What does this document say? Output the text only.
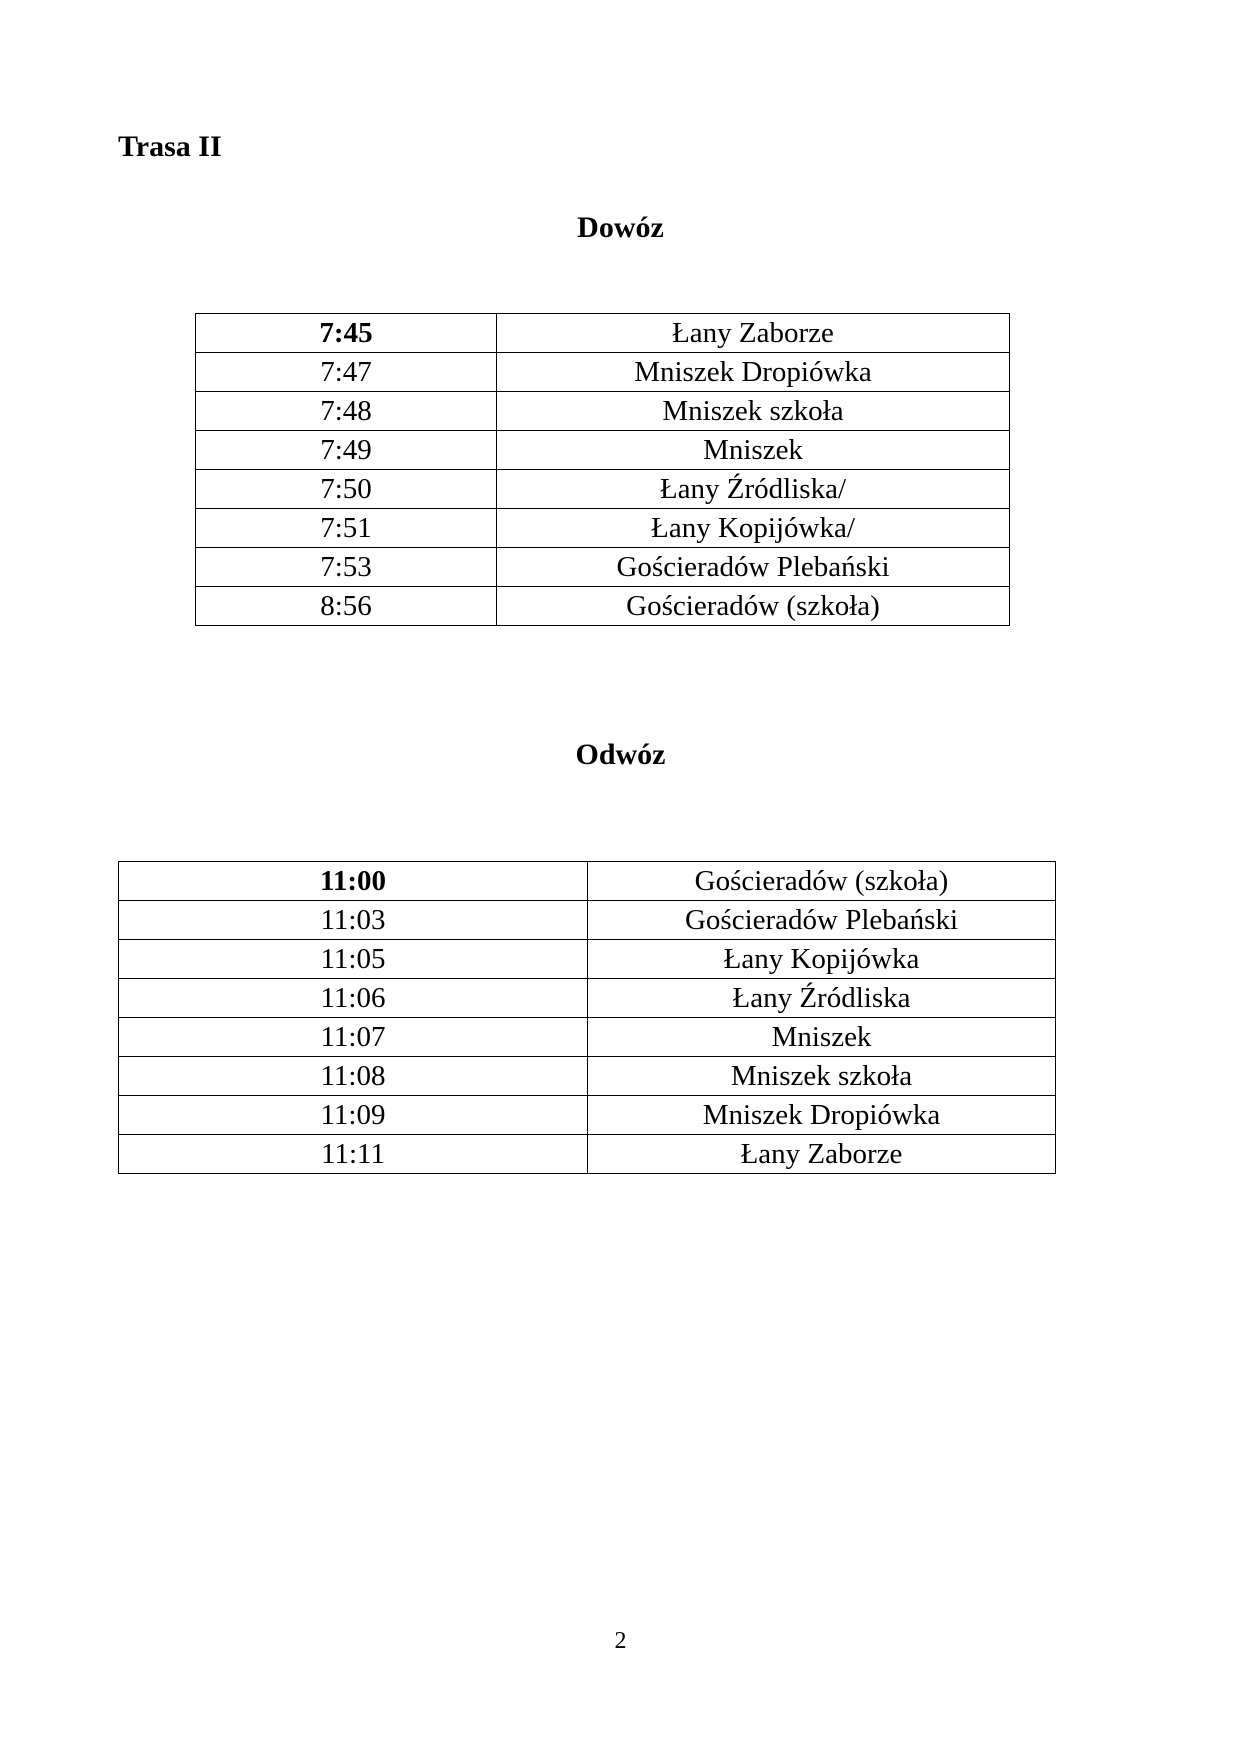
Trasa II
Dowóz
7:45	Łany Zaborze
7:47	Mniszek Dropiówka
7:48	Mniszek szkoła
7:49	Mniszek
7:50	Łany Źródliska/
7:51	Łany Kopijówka/
7:53	Gościeradów Plebański
8:56	Gościeradów (szkoła)
Odwóz
11:00	Gościeradów (szkoła)
11:03	Gościeradów Plebański
11:05	Łany Kopijówka
11:06	Łany Źródliska
11:07	Mniszek
11:08	Mniszek szkoła
11:09	Mniszek Dropiówka
11:11	Łany Zaborze
2
